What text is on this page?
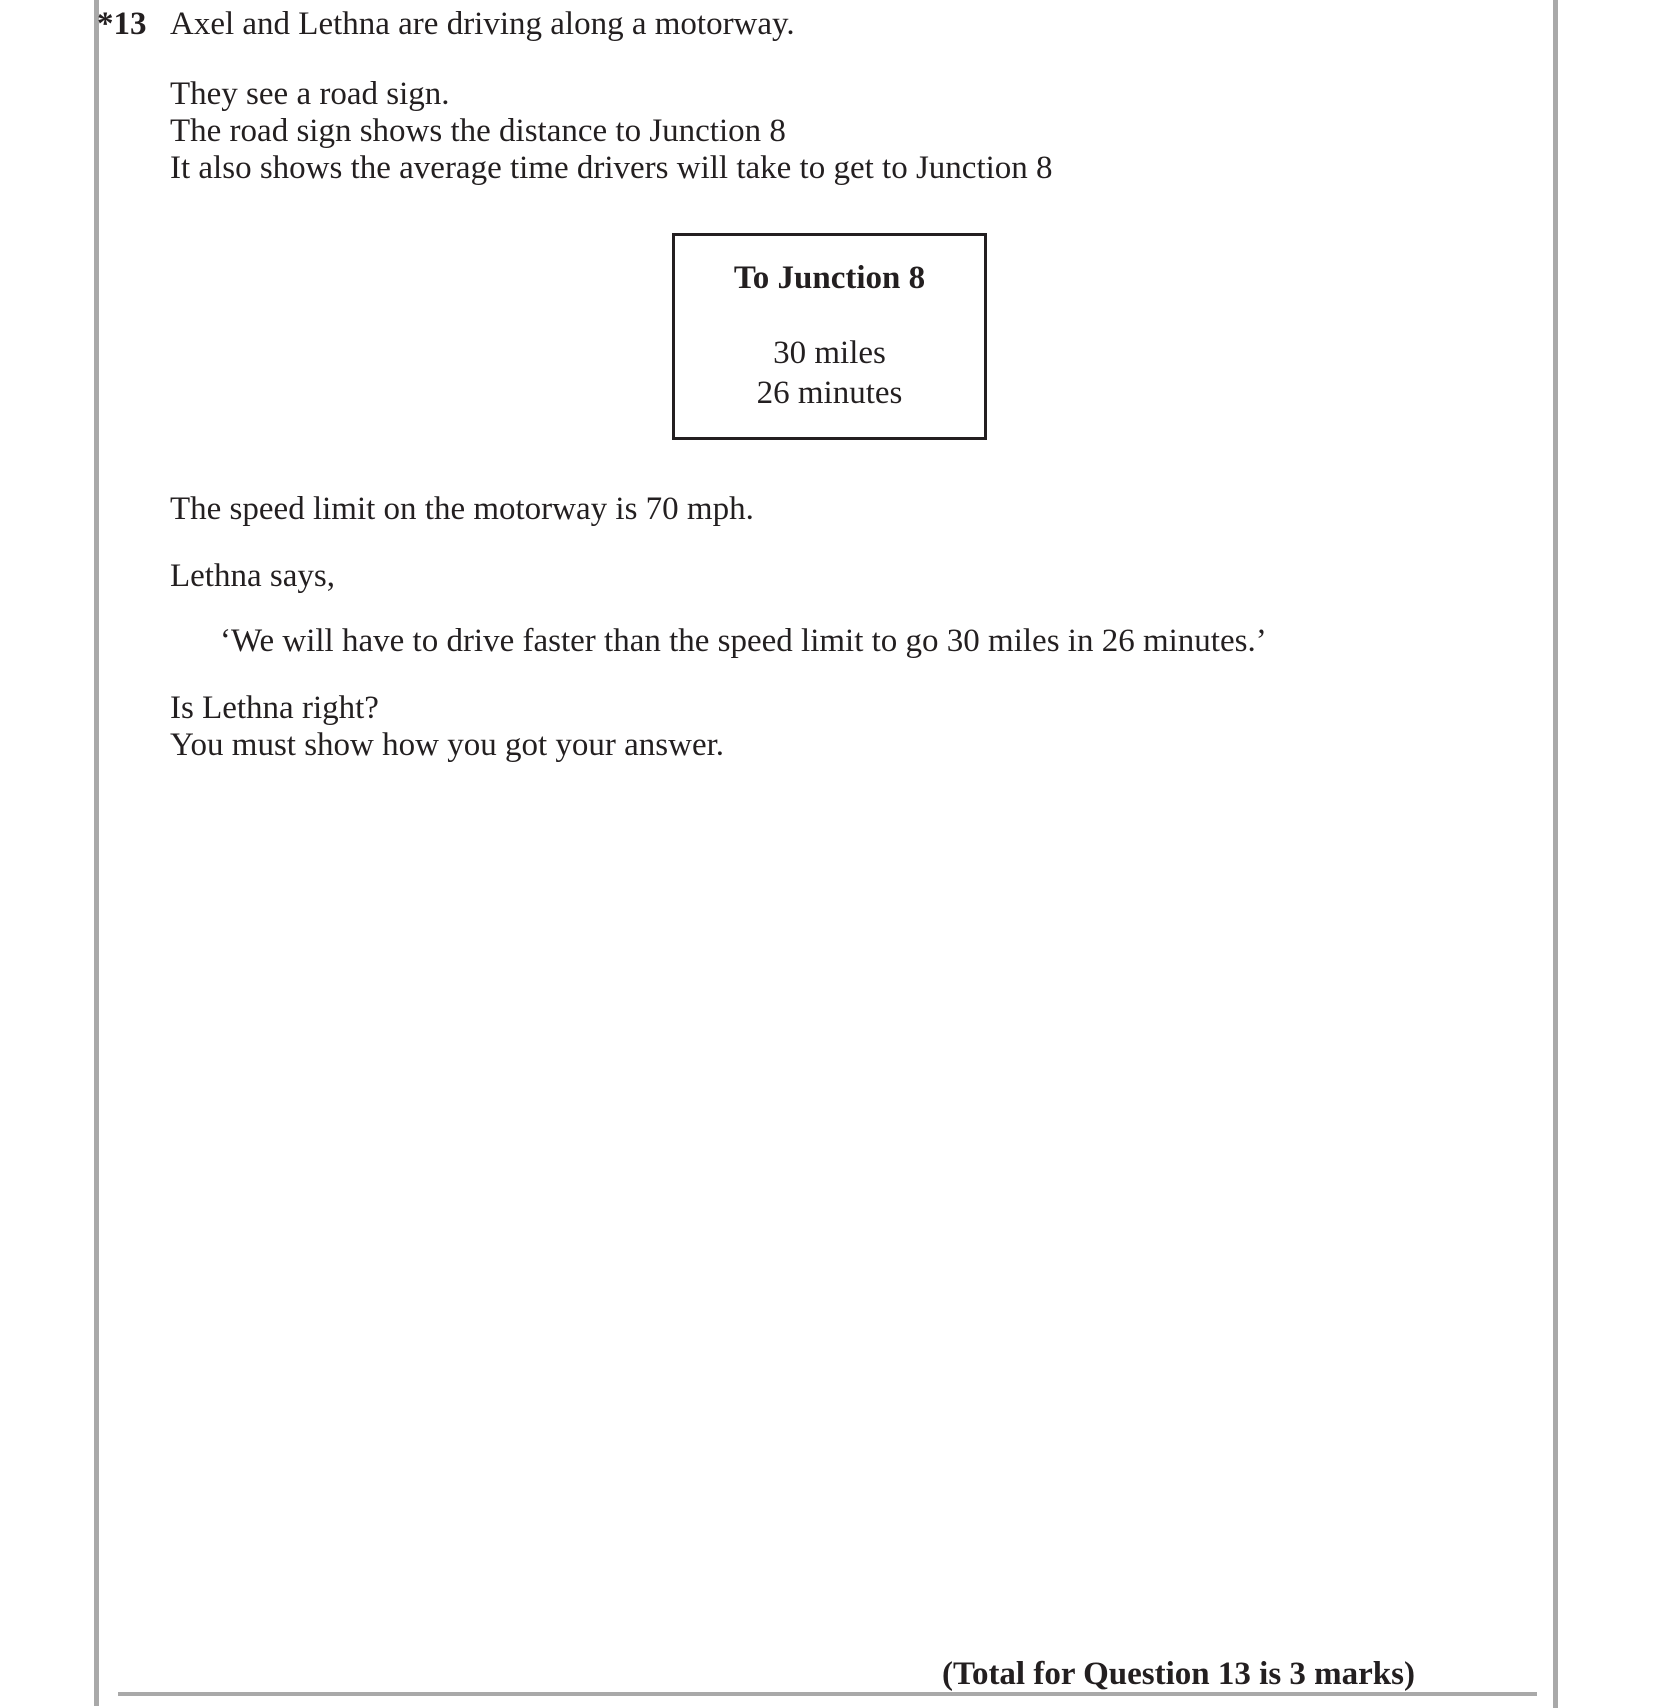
*13 Axel and Lethna are driving along a motorway.
They see a road sign.
The road sign shows the distance to Junction 8
It also shows the average time drivers will take to get to Junction 8
To Junction 8
30 miles
26 minutes
The speed limit on the motorway is 70 mph.
Lethna says,
‘We will have to drive faster than the speed limit to go 30 miles in 26 minutes.’
Is Lethna right?
You must show how you got your answer.
(Total for Question 13 is 3 marks)
